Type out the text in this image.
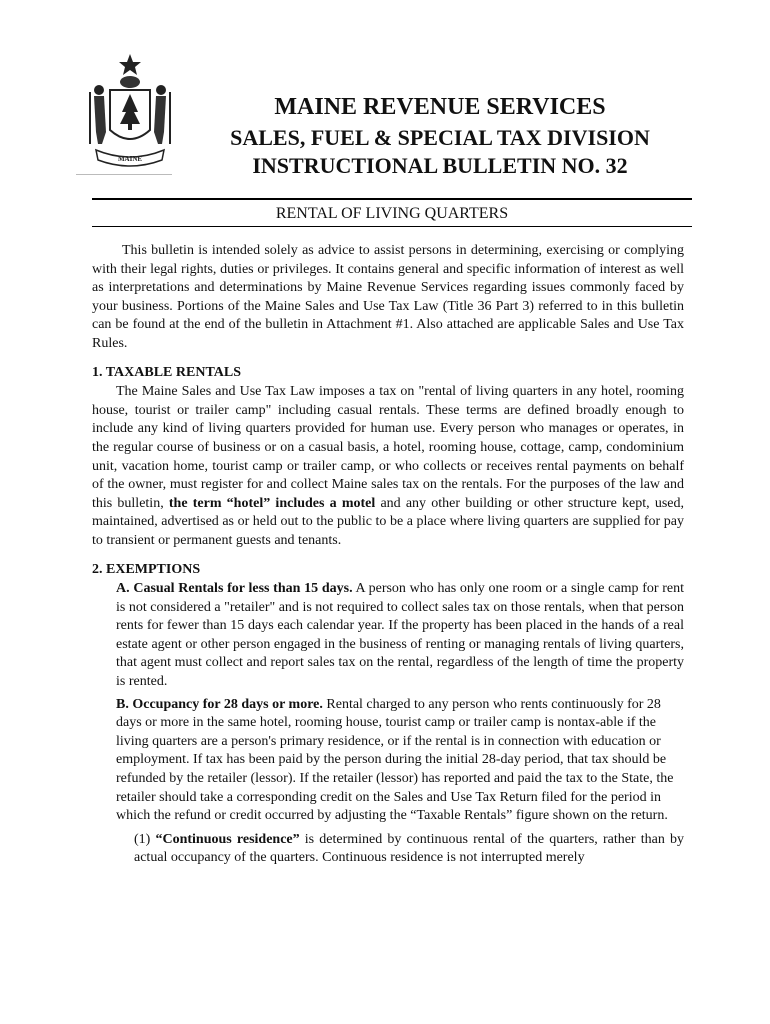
MAINE
MAINE REVENUE SERVICES
SALES, FUEL & SPECIAL TAX DIVISION
INSTRUCTIONAL BULLETIN NO. 32
RENTAL OF LIVING QUARTERS

This bulletin is intended solely as advice to assist persons in determining, exercising or complying with their legal rights, duties or privileges. It contains general and specific information of interest as well as interpretations and determinations by Maine Revenue Services regarding issues commonly faced by your business. Portions of the Maine Sales and Use Tax Law (Title 36 Part 3) referred to in this bulletin can be found at the end of the bulletin in Attachment #1. Also attached are applicable Sales and Use Tax Rules.

1. TAXABLE RENTALS

The Maine Sales and Use Tax Law imposes a tax on "rental of living quarters in any hotel, rooming house, tourist or trailer camp" including casual rentals. These terms are defined broadly enough to include any kind of living quarters provided for human use. Every person who manages or operates, in the regular course of business or on a casual basis, a hotel, rooming house, cottage, camp, condominium unit, vacation home, tourist camp or trailer camp, or who collects or receives rental payments on behalf of the owner, must register for and collect Maine sales tax on the rentals. For the purposes of the law and this bulletin, the term “hotel” includes a motel and any other building or other structure kept, used, maintained, advertised as or held out to the public to be a place where living quarters are supplied for pay to transient or permanent guests and tenants.

2. EXEMPTIONS

A. Casual Rentals for less than 15 days. A person who has only one room or a single camp for rent is not considered a "retailer" and is not required to collect sales tax on those rentals, when that person rents for fewer than 15 days each calendar year. If the property has been placed in the hands of a real estate agent or other person engaged in the business of renting or managing rentals of living quarters, that agent must collect and report sales tax on the rental, regardless of the length of time the property is rented.

B. Occupancy for 28 days or more. Rental charged to any person who rents continuously for 28 days or more in the same hotel, rooming house, tourist camp or trailer camp is nontax-able if the living quarters are a person's primary residence, or if the rental is in connection with education or employment. If tax has been paid by the person during the initial 28-day period, that tax should be refunded by the retailer (lessor). If the retailer (lessor) has reported and paid the tax to the State, the retailer should take a corresponding credit on the Sales and Use Tax Return filed for the period in which the refund or credit occurred by adjusting the “Taxable Rentals” figure shown on the return.

(1) “Continuous residence” is determined by continuous rental of the quarters, rather than by actual occupancy of the quarters. Continuous residence is not interrupted merely
